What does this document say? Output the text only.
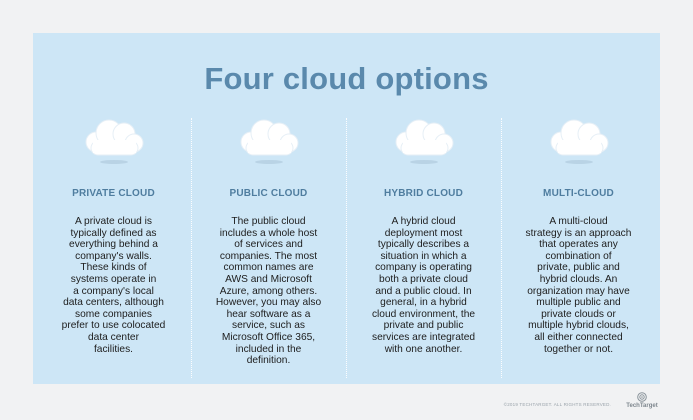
Four cloud options
PRIVATE CLOUD
A private cloud is
typically defined as
everything behind a
company's walls.
These kinds of
systems operate in
a company's local
data centers, although
some companies
prefer to use colocated
data center
facilities.
PUBLIC CLOUD
The public cloud
includes a whole host
of services and
companies. The most
common names are
AWS and Microsoft
Azure, among others.
However, you may also
hear software as a
service, such as
Microsoft Office 365,
included in the
definition.
HYBRID CLOUD
A hybrid cloud
deployment most
typically describes a
situation in which a
company is operating
both a private cloud
and a public cloud. In
general, in a hybrid
cloud environment, the
private and public
services are integrated
with one another.
MULTI-CLOUD
A multi-cloud
strategy is an approach
that operates any
combination of
private, public and
hybrid clouds. An
organization may have
multiple public and
private clouds or
multiple hybrid clouds,
all either connected
together or not.
©2019 TECHTARGET. ALL RIGHTS RESERVED.	TechTarget
